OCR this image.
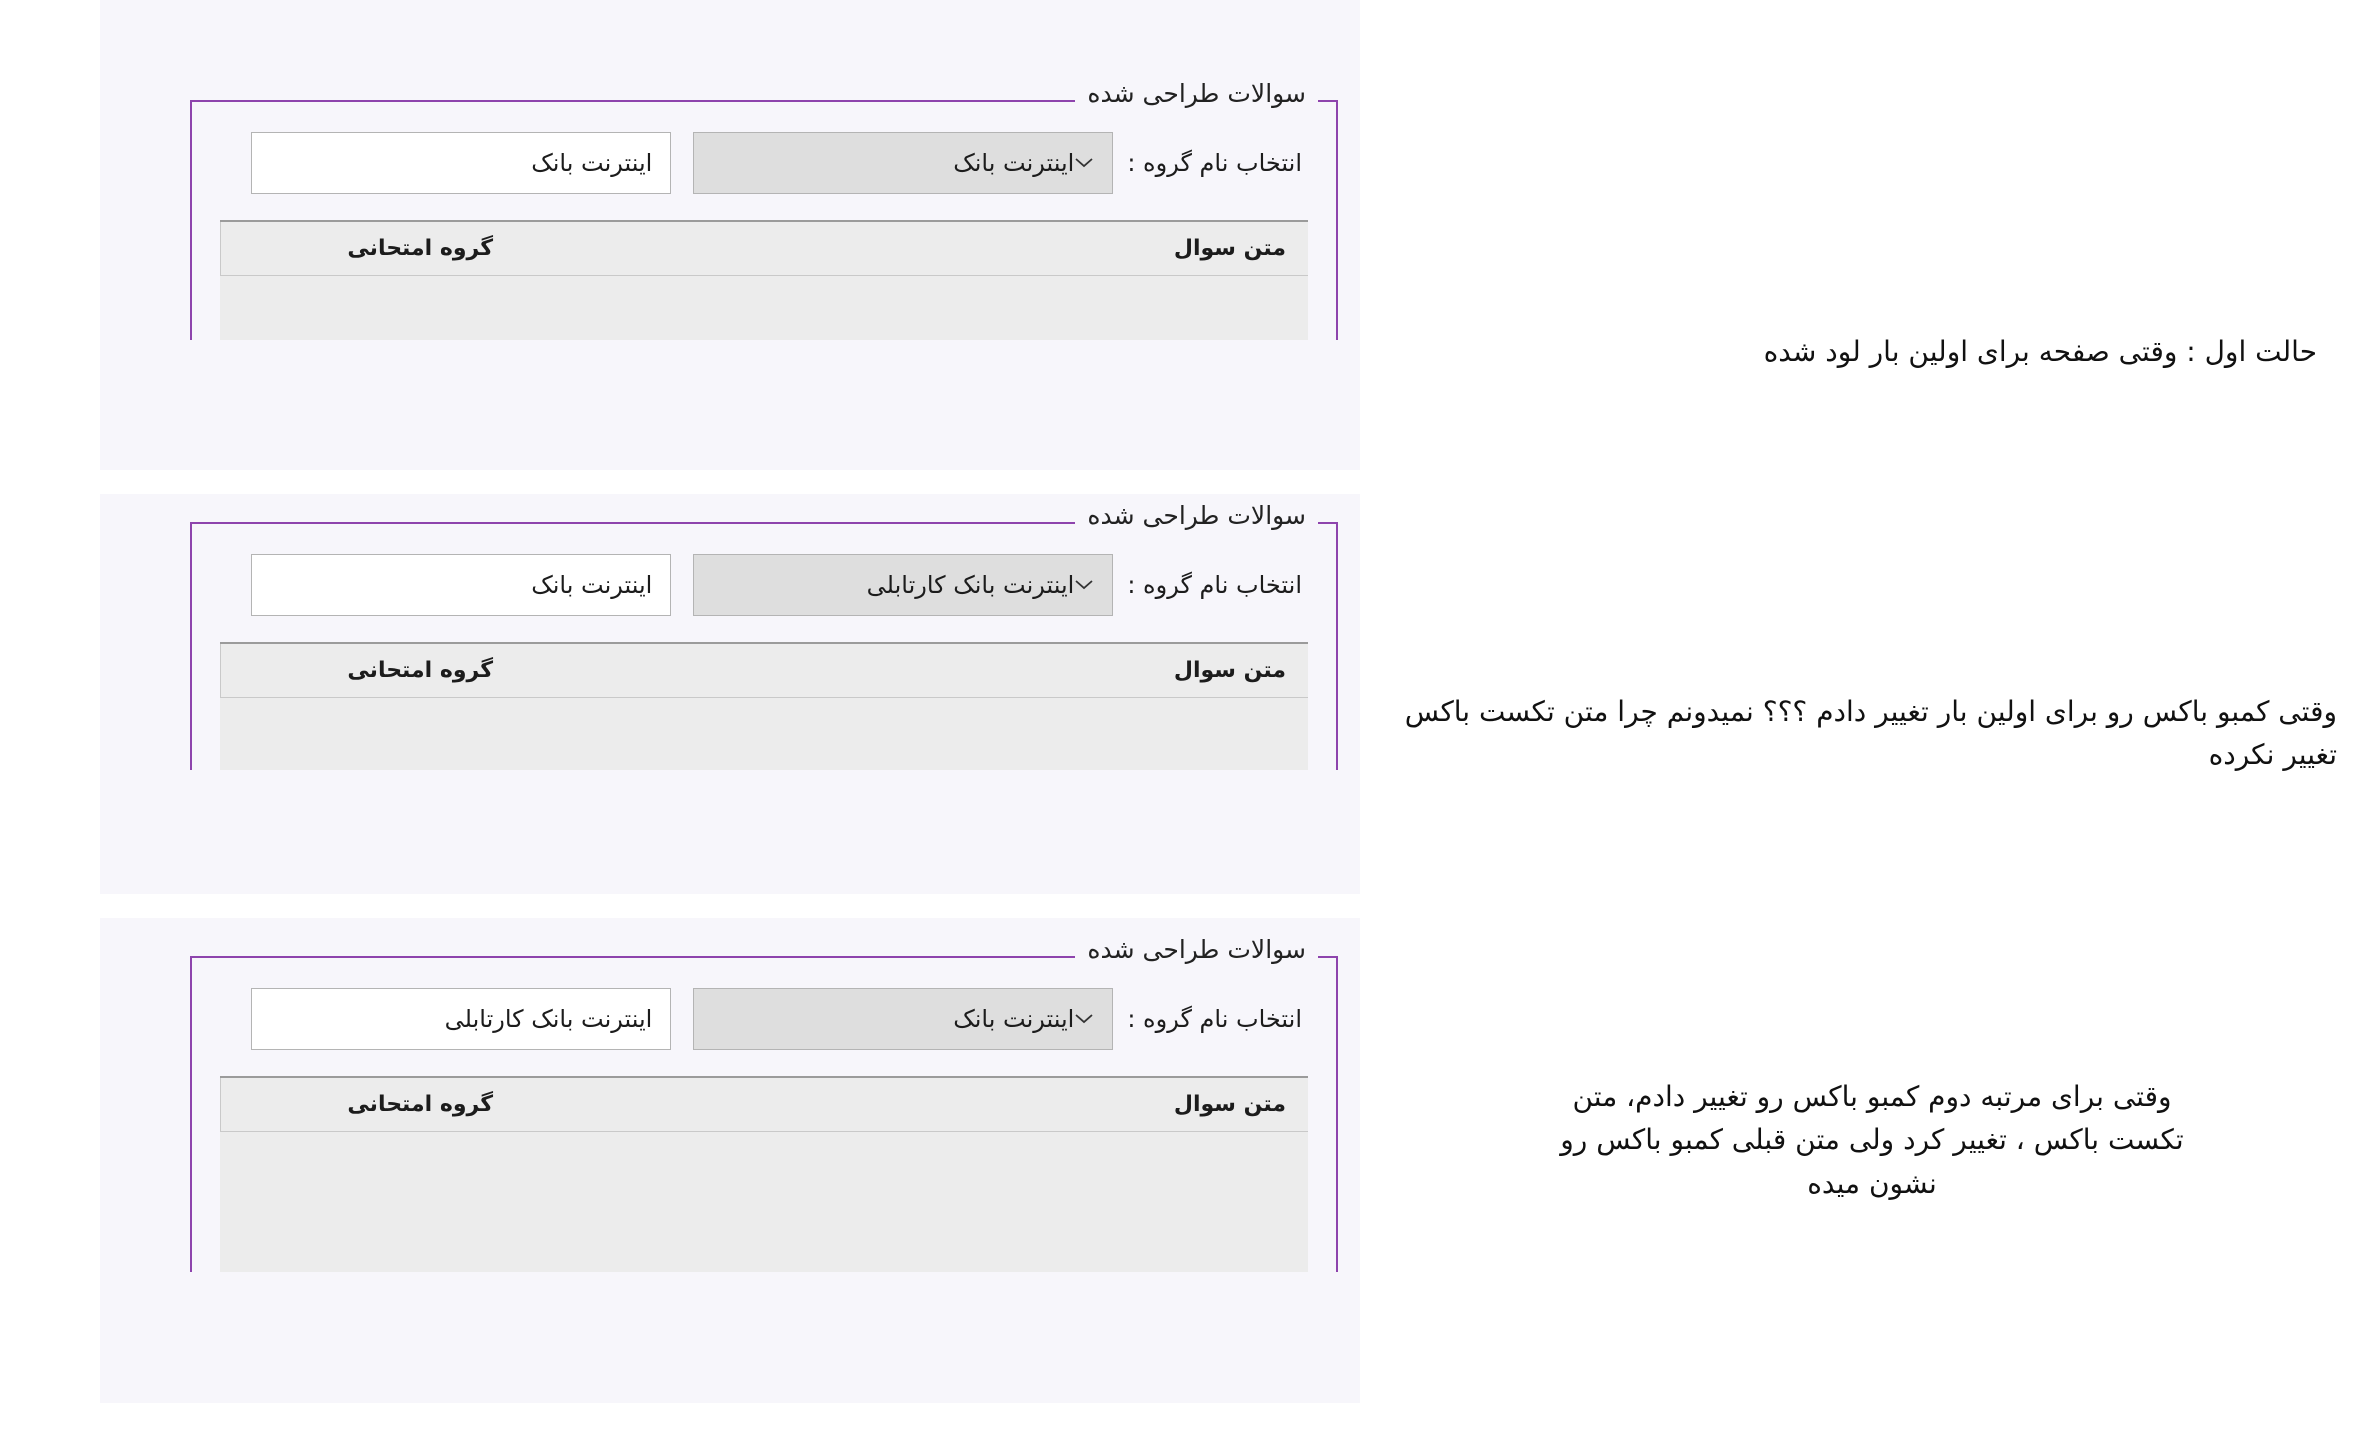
سوالات طراحی شده
انتخاب نام گروه :
اینترنت بانک
اینترنت بانک
متن سوال	گروه امتحانی
سوالات طراحی شده
انتخاب نام گروه :
اینترنت بانک کارتابلی
اینترنت بانک
متن سوال	گروه امتحانی
سوالات طراحی شده
انتخاب نام گروه :
اینترنت بانک
اینترنت بانک کارتابلی
متن سوال	گروه امتحانی
حالت اول : وقتی صفحه برای اولین بار لود شده
وقتی کمبو باکس رو برای اولین بار تغییر دادم ؟؟؟ نمیدونم چرا متن تکست باکس تغییر نکرده
وقتی برای مرتبه دوم کمبو باکس رو تغییر دادم، متن
تکست باکس ، تغییر کرد ولی متن قبلی کمبو باکس رو
نشون میده
